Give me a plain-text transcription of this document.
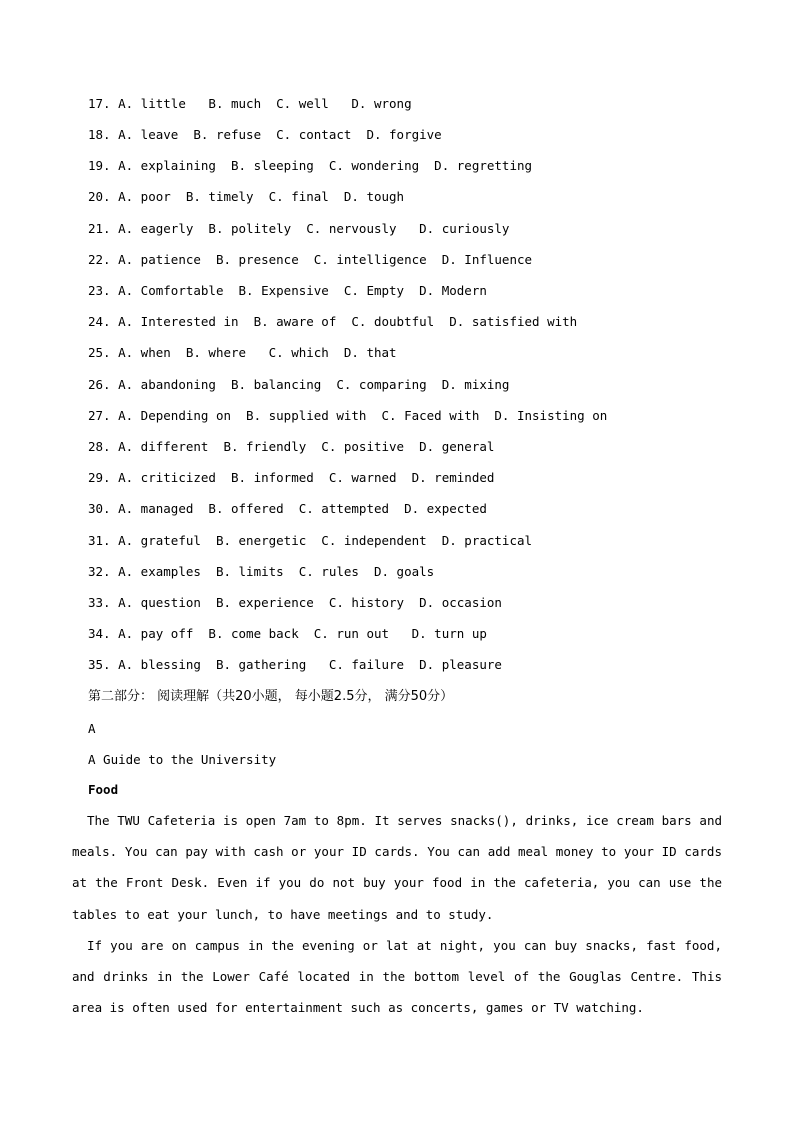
17. A. little   B. much  C. well   D. wrong
18. A. leave  B. refuse  C. contact  D. forgive
19. A. explaining  B. sleeping  C. wondering  D. regretting
20. A. poor  B. timely  C. final  D. tough
21. A. eagerly  B. politely  C. nervously   D. curiously
22. A. patience  B. presence  C. intelligence  D. Influence
23. A. Comfortable  B. Expensive  C. Empty  D. Modern
24. A. Interested in  B. aware of  C. doubtful  D. satisfied with
25. A. when  B. where   C. which  D. that
26. A. abandoning  B. balancing  C. comparing  D. mixing
27. A. Depending on  B. supplied with  C. Faced with  D. Insisting on
28. A. different  B. friendly  C. positive  D. general
29. A. criticized  B. informed  C. warned  D. reminded
30. A. managed  B. offered  C. attempted  D. expected
31. A. grateful  B. energetic  C. independent  D. practical
32. A. examples  B. limits  C. rules  D. goals
33. A. question  B. experience  C. history  D. occasion
34. A. pay off  B. come back  C. run out   D. turn up
35. A. blessing  B. gathering   C. failure  D. pleasure
第二部分： 阅读理解（共20小题， 每小题2.5分， 满分50分）
A
A Guide to the University
Food

The TWU Cafeteria is open 7am to 8pm. It serves snacks(), drinks, ice cream bars and meals. You can pay with cash or your ID cards. You can add meal money to your ID cards at the Front Desk. Even if you do not buy your food in the cafeteria, you can use the tables to eat your lunch, to have meetings and to study.

If you are on campus in the evening or lat at night, you can buy snacks, fast food, and drinks in the Lower Café located in the bottom level of the Gouglas Centre. This area is often used for entertainment such as concerts, games or TV watching.
